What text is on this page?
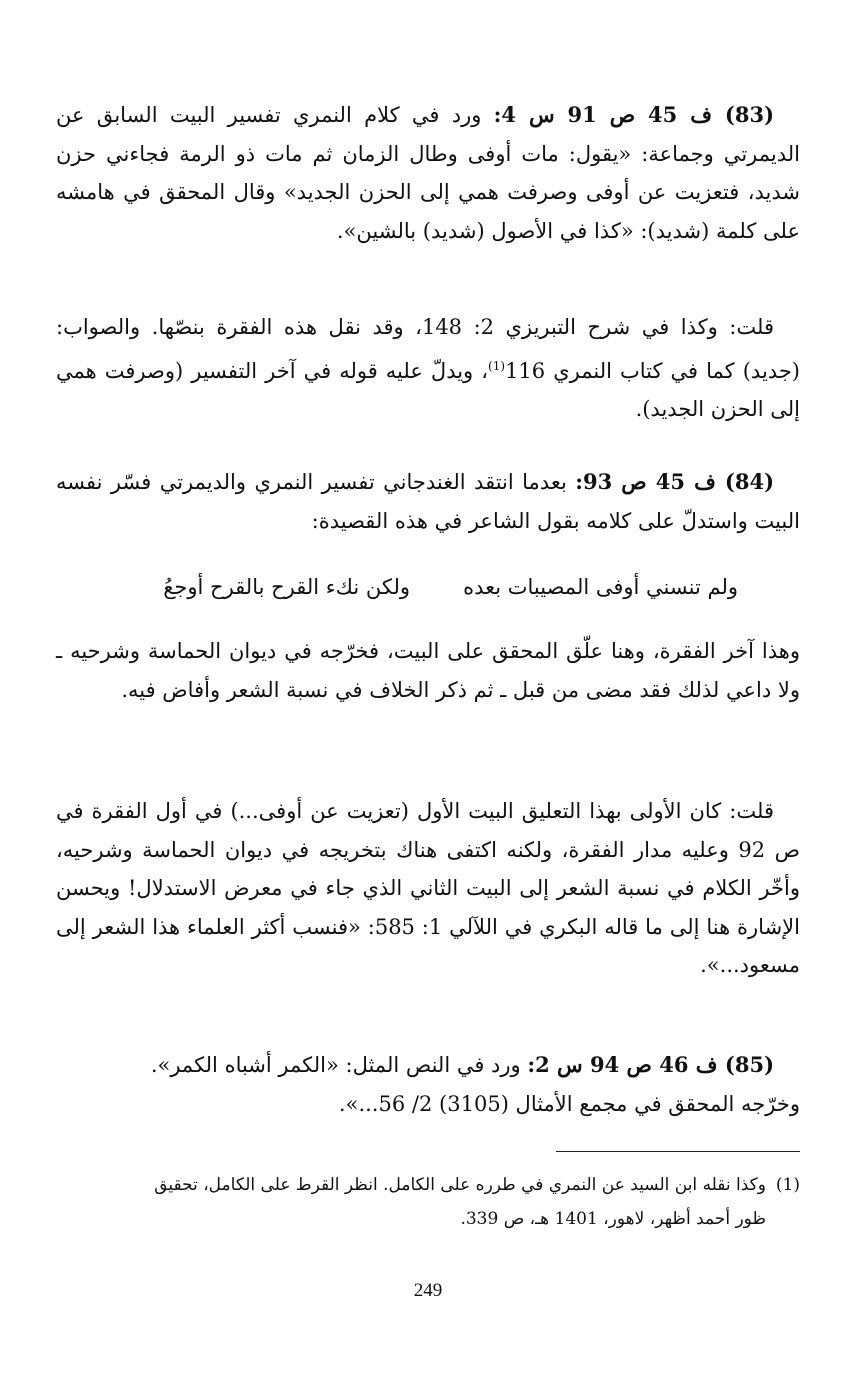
(83) ف 45 ص 91 س 4: ورد في كلام النمري تفسير البيت السابق عن الديمرتي وجماعة: «يقول: مات أوفى وطال الزمان ثم مات ذو الرمة فجاءني حزن شديد، فتعزيت عن أوفى وصرفت همي إلى الحزن الجديد» وقال المحقق في هامشه على كلمة (شديد): «كذا في الأصول (شديد) بالشين».

قلت: وكذا في شرح التبريزي 2: 148، وقد نقل هذه الفقرة بنصّها. والصواب: (جديد) كما في كتاب النمري 116$^{(1)}$، ويدلّ عليه قوله في آخر التفسير (وصرفت همي إلى الحزن الجديد).

(84) ف 45 ص 93: بعدما انتقد الغندجاني تفسير النمري والديمرتي فسّر نفسه البيت واستدلّ على كلامه بقول الشاعر في هذه القصيدة:

ولم تنسني أوفى المصيبات بعده
ولكن نكء القرح بالقرح أوجعُ

وهذا آخر الفقرة، وهنا علّق المحقق على البيت، فخرّجه في ديوان الحماسة وشرحيه ـ ولا داعي لذلك فقد مضى من قبل ـ ثم ذكر الخلاف في نسبة الشعر وأفاض فيه.

قلت: كان الأولى بهذا التعليق البيت الأول (تعزيت عن أوفى...) في أول الفقرة في ص 92 وعليه مدار الفقرة، ولكنه اكتفى هناك بتخريجه في ديوان الحماسة وشرحيه، وأخّر الكلام في نسبة الشعر إلى البيت الثاني الذي جاء في معرض الاستدلال! ويحسن الإشارة هنا إلى ما قاله البكري في اللآلي 1: 585: «فنسب أكثر العلماء هذا الشعر إلى مسعود...».

(85) ف 46 ص 94 س 2: ورد في النص المثل: «الكمر أشباه الكمر».

وخرّجه المحقق في مجمع الأمثال (3105) 2/ 56...».

(1)وكذا نقله ابن السيد عن النمري في طرره على الكامل. انظر القرط على الكامل، تحقيق
ظور أحمد أظهر، لاهور، 1401 هـ، ص 339.
249
